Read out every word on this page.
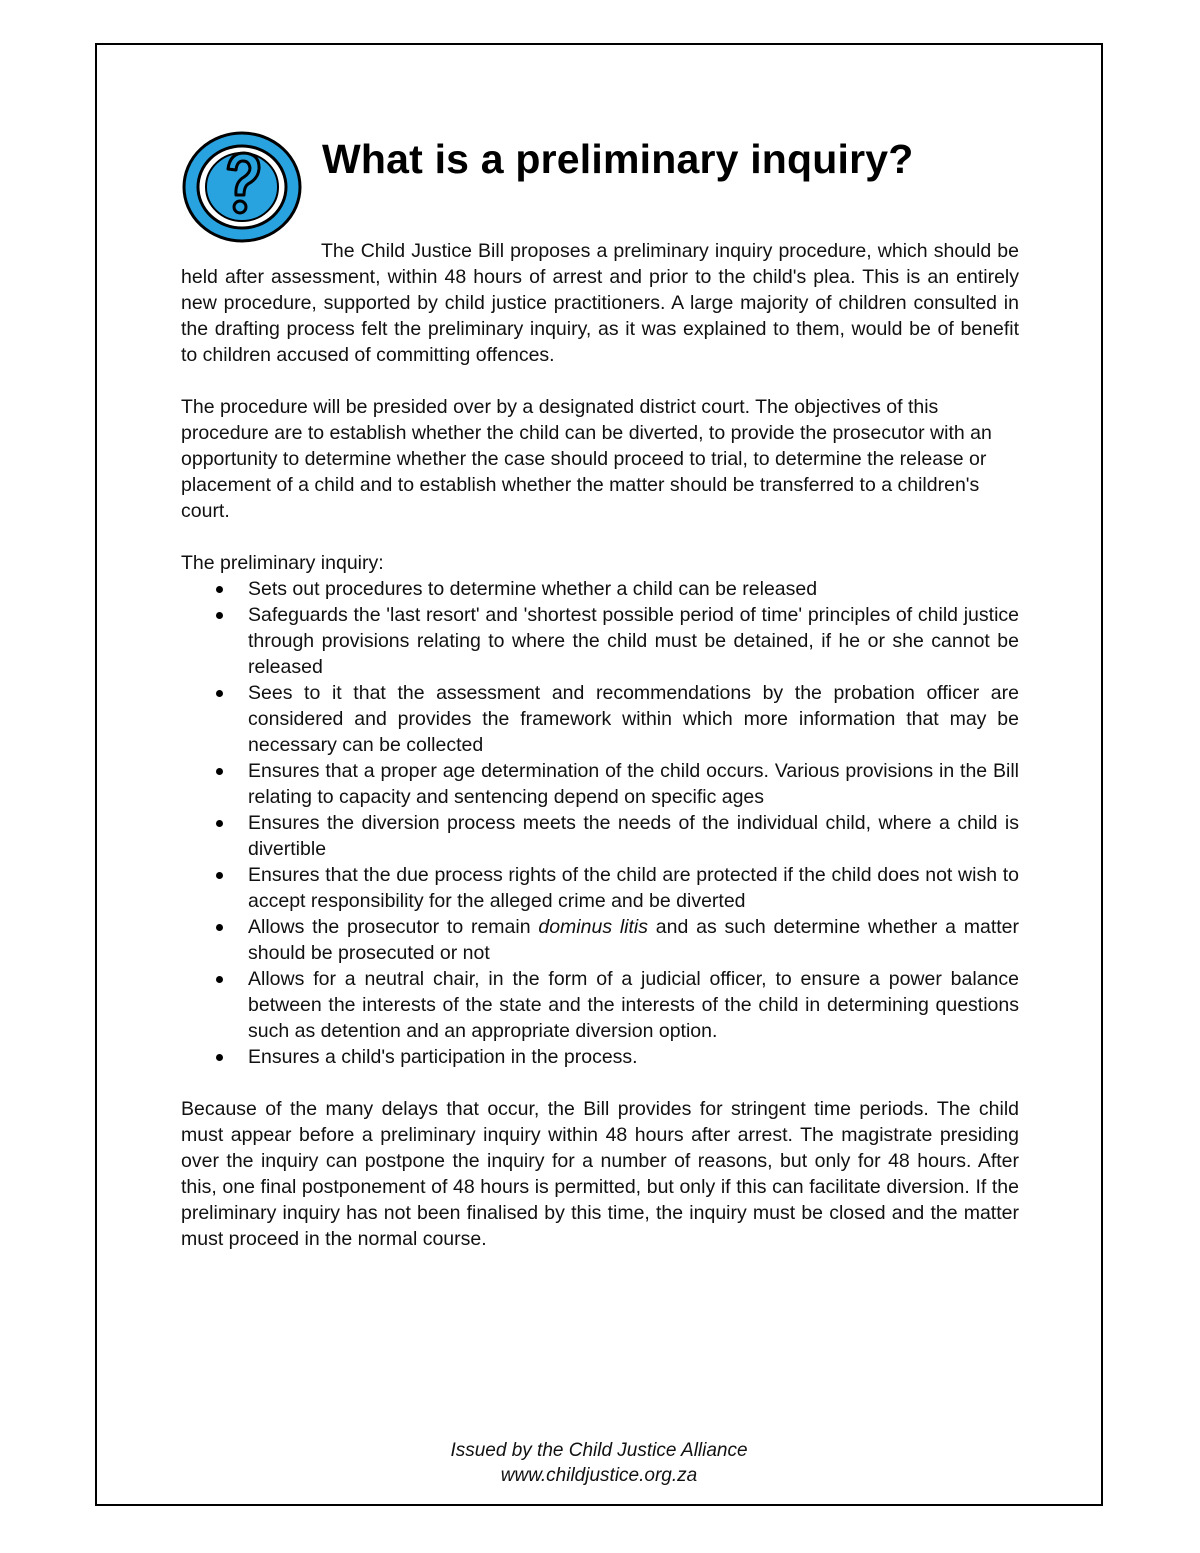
What is a preliminary inquiry?

The Child Justice Bill proposes a preliminary inquiry procedure, which should be held after assessment, within 48 hours of arrest and prior to the child's plea. This is an entirely new procedure, supported by child justice practitioners. A large majority of children consulted in the drafting process felt the preliminary inquiry, as it was explained to them, would be of benefit to children accused of committing offences.

The procedure will be presided over by a designated district court. The objectives of this procedure are to establish whether the child can be diverted, to provide the prosecutor with an opportunity to determine whether the case should proceed to trial, to determine the release or placement of a child and to establish whether the matter should be transferred to a children's court.

The preliminary inquiry:

Sets out procedures to determine whether a child can be released
Safeguards the 'last resort' and 'shortest possible period of time' principles of child justice through provisions relating to where the child must be detained, if he or she cannot be released
Sees to it that the assessment and recommendations by the probation officer are considered and provides the framework within which more information that may be necessary can be collected
Ensures that a proper age determination of the child occurs. Various provisions in the Bill relating to capacity and sentencing depend on specific ages
Ensures the diversion process meets the needs of the individual child, where a child is divertible
Ensures that the due process rights of the child are protected if the child does not wish to accept responsibility for the alleged crime and be diverted
Allows the prosecutor to remain dominus litis and as such determine whether a matter should be prosecuted or not
Allows for a neutral chair, in the form of a judicial officer, to ensure a power balance between the interests of the state and the interests of the child in determining questions such as detention and an appropriate diversion option.
Ensures a child's participation in the process.

Because of the many delays that occur, the Bill provides for stringent time periods. The child must appear before a preliminary inquiry within 48 hours after arrest. The magistrate presiding over the inquiry can postpone the inquiry for a number of reasons, but only for 48 hours. After this, one final postponement of 48 hours is permitted, but only if this can facilitate diversion. If the preliminary inquiry has not been finalised by this time, the inquiry must be closed and the matter must proceed in the normal course.

Issued by the Child Justice Alliance
www.childjustice.org.za
